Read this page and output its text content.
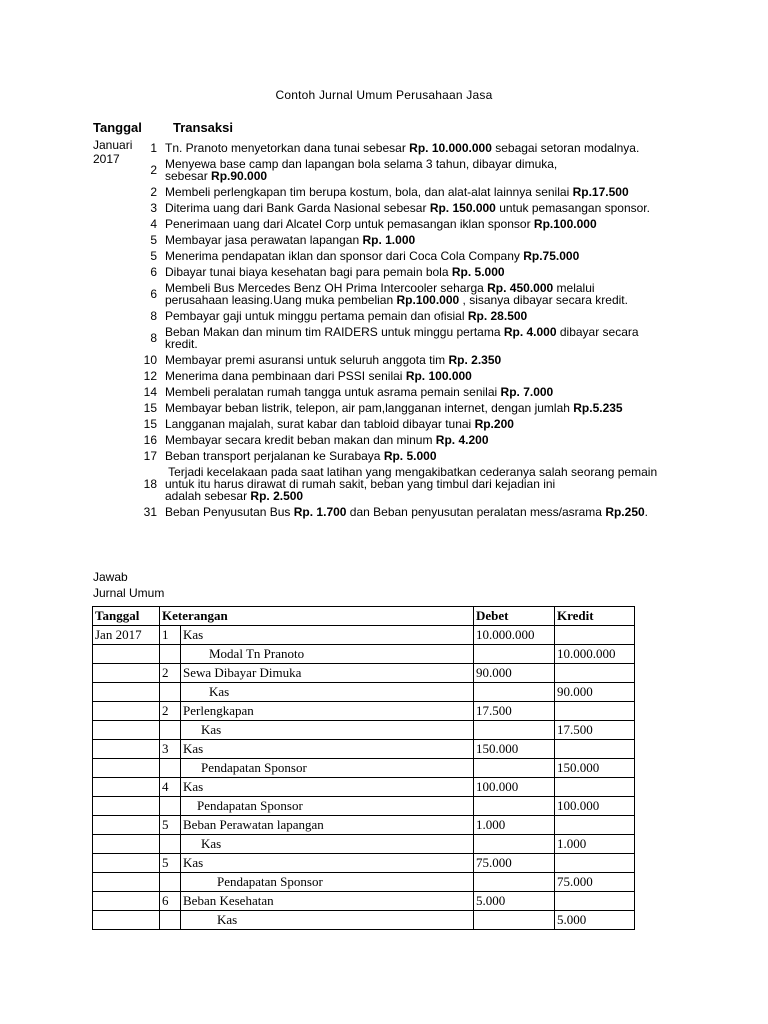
Contoh Jurnal Umum Perusahaan Jasa
Tanggal Transaksi
Januari
2017
1 Tn. Pranoto menyetorkan dana tunai sebesar Rp. 10.000.000 sebagai setoran modalnya.
2 Menyewa base camp dan lapangan bola selama 3 tahun, dibayar dimuka,
sebesar Rp.90.000
2 Membeli perlengkapan tim berupa kostum, bola, dan alat-alat lainnya senilai Rp.17.500
3 Diterima uang dari Bank Garda Nasional sebesar Rp. 150.000 untuk pemasangan sponsor.
4 Penerimaan uang dari Alcatel Corp untuk pemasangan iklan sponsor Rp.100.000
5 Membayar jasa perawatan lapangan Rp. 1.000
5 Menerima pendapatan iklan dan sponsor dari Coca Cola Company Rp.75.000
6 Dibayar tunai biaya kesehatan bagi para pemain bola Rp. 5.000
6 Membeli Bus Mercedes Benz OH Prima Intercooler seharga Rp. 450.000 melalui
perusahaan leasing.Uang muka pembelian Rp.100.000 , sisanya dibayar secara kredit.
8 Pembayar gaji untuk minggu pertama pemain dan ofisial Rp. 28.500
8 Beban Makan dan minum tim RAIDERS untuk minggu pertama Rp. 4.000 dibayar secara
kredit.
10 Membayar premi asuransi untuk seluruh anggota tim Rp. 2.350
12 Menerima dana pembinaan dari PSSI senilai Rp. 100.000
14 Membeli peralatan rumah tangga untuk asrama pemain senilai Rp. 7.000
15 Membayar beban listrik, telepon, air pam,langganan internet, dengan jumlah Rp.5.235
15 Langganan majalah, surat kabar dan tabloid dibayar tunai Rp.200
16 Membayar secara kredit beban makan dan minum Rp. 4.200
17 Beban transport perjalanan ke Surabaya Rp. 5.000
18
Terjadi kecelakaan pada saat latihan yang mengakibatkan cederanya salah seorang pemain
untuk itu harus dirawat di rumah sakit, beban yang timbul dari kejadian ini
adalah sebesar Rp. 2.500
31 Beban Penyusutan Bus Rp. 1.700 dan Beban penyusutan peralatan mess/asrama Rp.250.
Jawab
Jurnal Umum
Tanggal	Keterangan		Debet	Kredit
Jan 2017	1	Kas	10.000.000	
		Modal Tn Pranoto		10.000.000
	2	Sewa Dibayar Dimuka	90.000	
		Kas		90.000
	2	Perlengkapan	17.500	
		Kas		17.500
	3	Kas	150.000	
		Pendapatan Sponsor		150.000
	4	Kas	100.000	
		Pendapatan Sponsor		100.000
	5	Beban Perawatan lapangan	1.000	
		Kas		1.000
	5	Kas	75.000	
		Pendapatan Sponsor		75.000
	6	Beban Kesehatan	5.000	
		Kas		5.000
